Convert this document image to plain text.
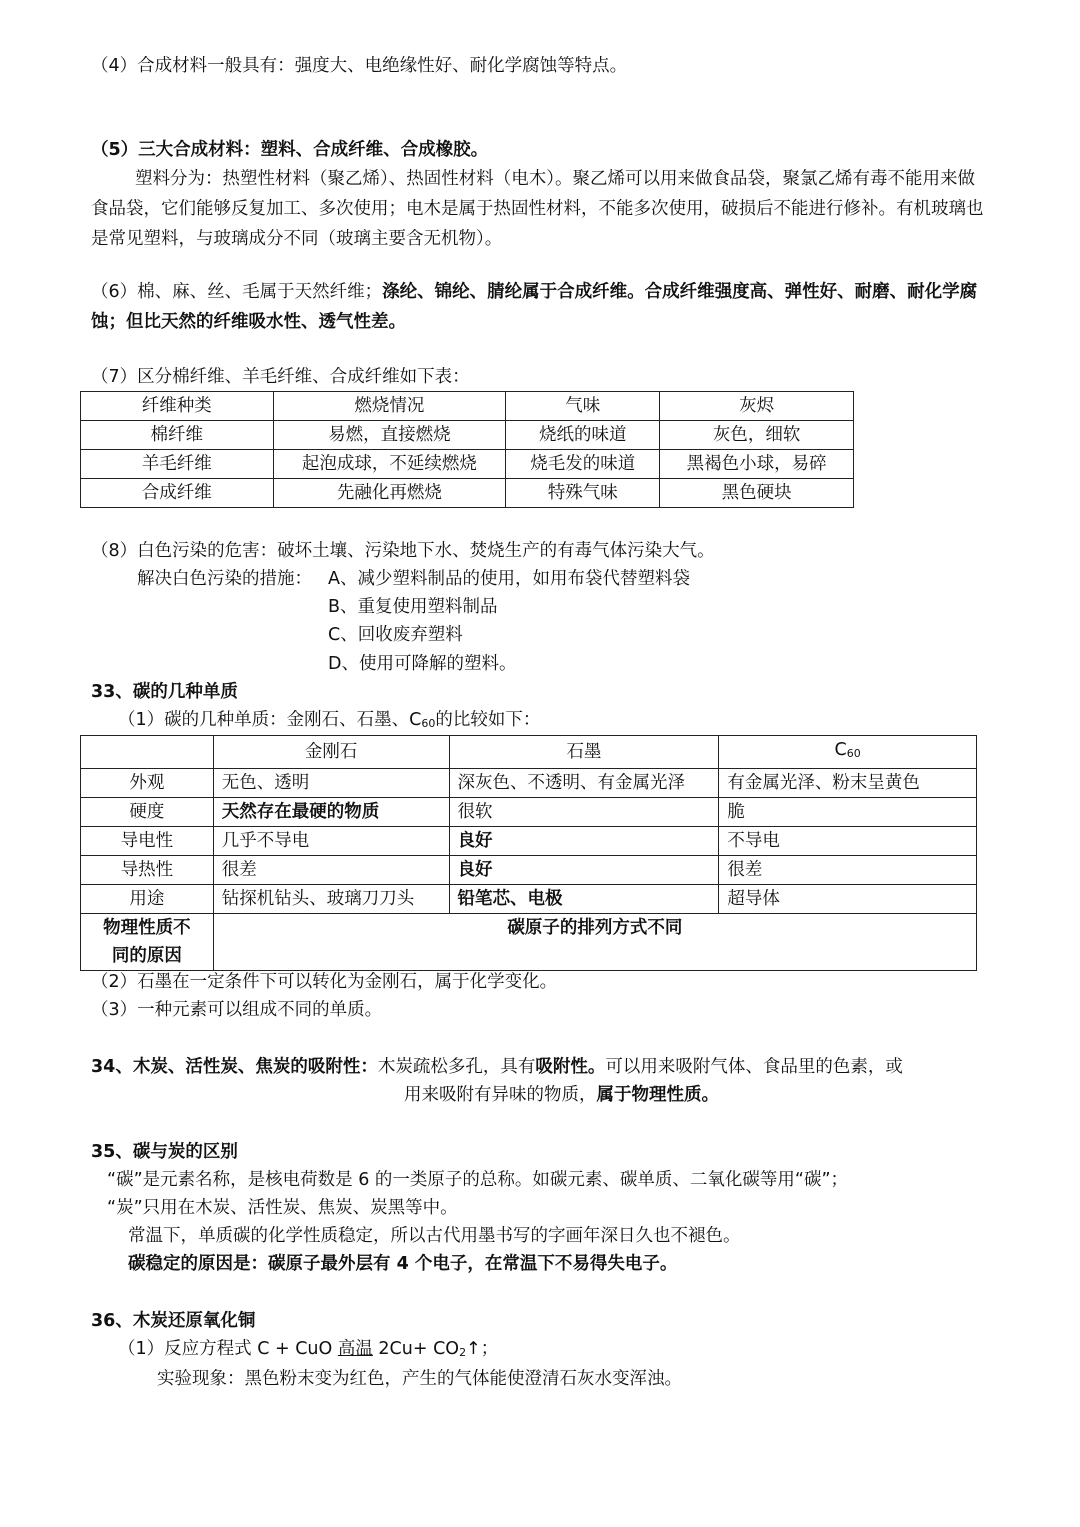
（4）合成材料一般具有：强度大、电绝缘性好、耐化学腐蚀等特点。
（5）三大合成材料：塑料、合成纤维、合成橡胶。
塑料分为：热塑性材料（聚乙烯）、热固性材料（电木）。聚乙烯可以用来做食品袋，聚氯乙烯有毒不能用来做食品袋，它们能够反复加工、多次使用；电木是属于热固性材料，不能多次使用，破损后不能进行修补。有机玻璃也是常见塑料，与玻璃成分不同（玻璃主要含无机物）。
（6）棉、麻、丝、毛属于天然纤维；涤纶、锦纶、腈纶属于合成纤维。合成纤维强度高、弹性好、耐磨、耐化学腐蚀；但比天然的纤维吸水性、透气性差。
（7）区分棉纤维、羊毛纤维、合成纤维如下表：
纤维种类	燃烧情况	气味	灰烬
棉纤维	易燃，直接燃烧	烧纸的味道	灰色，细软
羊毛纤维	起泡成球，不延续燃烧	烧毛发的味道	黑褐色小球，易碎
合成纤维	先融化再燃烧	特殊气味	黑色硬块
（8）白色污染的危害：破坏土壤、污染地下水、焚烧生产的有毒气体污染大气。
解决白色污染的措施： A、减少塑料制品的使用，如用布袋代替塑料袋
B、重复使用塑料制品
C、回收废弃塑料
D、使用可降解的塑料。
33、碳的几种单质
（1）碳的几种单质：金刚石、石墨、$C_{60}$的比较如下：
	金刚石	石墨	$C_{60}$
外观	无色、透明	深灰色、不透明、有金属光泽	有金属光泽、粉末呈黄色
硬度	天然存在最硬的物质	很软	脆
导电性	几乎不导电	良好	不导电
导热性	很差	良好	很差
用途	钻探机钻头、玻璃刀刀头	铅笔芯、电极	超导体
物理性质不
同的原因	碳原子的排列方式不同		
（2）石墨在一定条件下可以转化为金刚石，属于化学变化。
（3）一种元素可以组成不同的单质。
34、木炭、活性炭、焦炭的吸附性：木炭疏松多孔，具有吸附性。可以用来吸附气体、食品里的色素，或
用来吸附有异味的物质，属于物理性质。
35、碳与炭的区别
“碳”是元素名称，是核电荷数是 6 的一类原子的总称。如碳元素、碳单质、二氧化碳等用“碳”；
“炭”只用在木炭、活性炭、焦炭、炭黑等中。
常温下，单质碳的化学性质稳定，所以古代用墨书写的字画年深日久也不褪色。
碳稳定的原因是：碳原子最外层有 4 个电子，在常温下不易得失电子。
36、木炭还原氧化铜
（1）反应方程式 C + CuO 高温 $2Cu+ CO_2↑$；
实验现象：黑色粉末变为红色，产生的气体能使澄清石灰水变浑浊。
